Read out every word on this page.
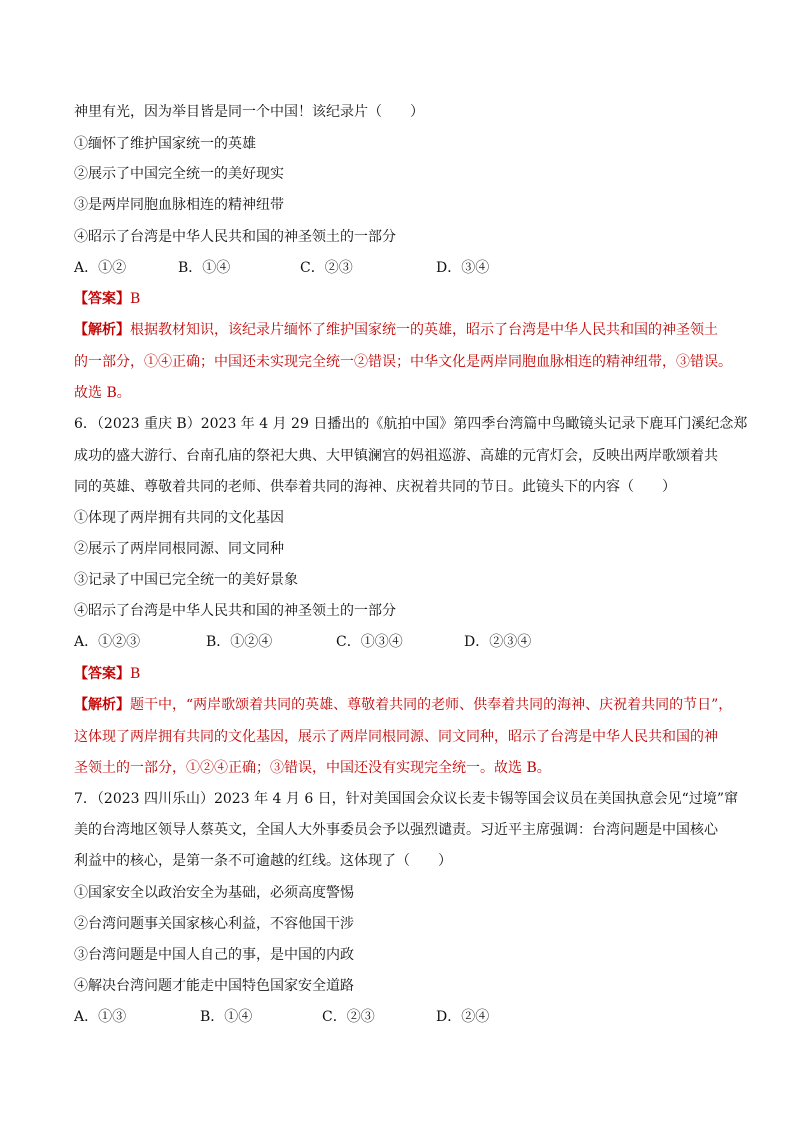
神里有光，因为举目皆是同一个中国！该纪录片（　　）
①缅怀了维护国家统一的英雄
②展示了中国完全统一的美好现实
③是两岸同胞血脉相连的精神纽带
④昭示了台湾是中华人民共和国的神圣领土的一部分
A．①②	B．①④	C．②③	D．③④
【答案】B
【解析】根据教材知识，该纪录片缅怀了维护国家统一的英雄，昭示了台湾是中华人民共和国的神圣领土
的一部分，①④正确；中国还未实现完全统一②错误；中华文化是两岸同胞血脉相连的精神纽带，③错误。
故选 B。
6．（2023 重庆 B）2023 年 4 月 29 日播出的《航拍中国》第四季台湾篇中鸟瞰镜头记录下鹿耳门溪纪念郑
成功的盛大游行、台南孔庙的祭祀大典、大甲镇澜宫的妈祖巡游、高雄的元宵灯会，反映出两岸歌颂着共
同的英雄、尊敬着共同的老师、供奉着共同的海神、庆祝着共同的节日。此镜头下的内容（　　）
①体现了两岸拥有共同的文化基因
②展示了两岸同根同源、同文同种
③记录了中国已完全统一的美好景象
④昭示了台湾是中华人民共和国的神圣领土的一部分
A．①②③	B．①②④	C．①③④	D．②③④
【答案】B
【解析】题干中，“两岸歌颂着共同的英雄、尊敬着共同的老师、供奉着共同的海神、庆祝着共同的节日”，
这体现了两岸拥有共同的文化基因，展示了两岸同根同源、同文同种，昭示了台湾是中华人民共和国的神
圣领土的一部分，①②④正确；③错误，中国还没有实现完全统一。故选 B。
7．（2023 四川乐山）2023 年 4 月 6 日，针对美国国会众议长麦卡锡等国会议员在美国执意会见“过境”窜
美的台湾地区领导人蔡英文，全国人大外事委员会予以强烈谴责。习近平主席强调：台湾问题是中国核心
利益中的核心，是第一条不可逾越的红线。这体现了（　　）
①国家安全以政治安全为基础，必须高度警惕
②台湾问题事关国家核心利益，不容他国干涉
③台湾问题是中国人自己的事，是中国的内政
④解决台湾问题才能走中国特色国家安全道路
A．①③	B．①④	C．②③	D．②④
